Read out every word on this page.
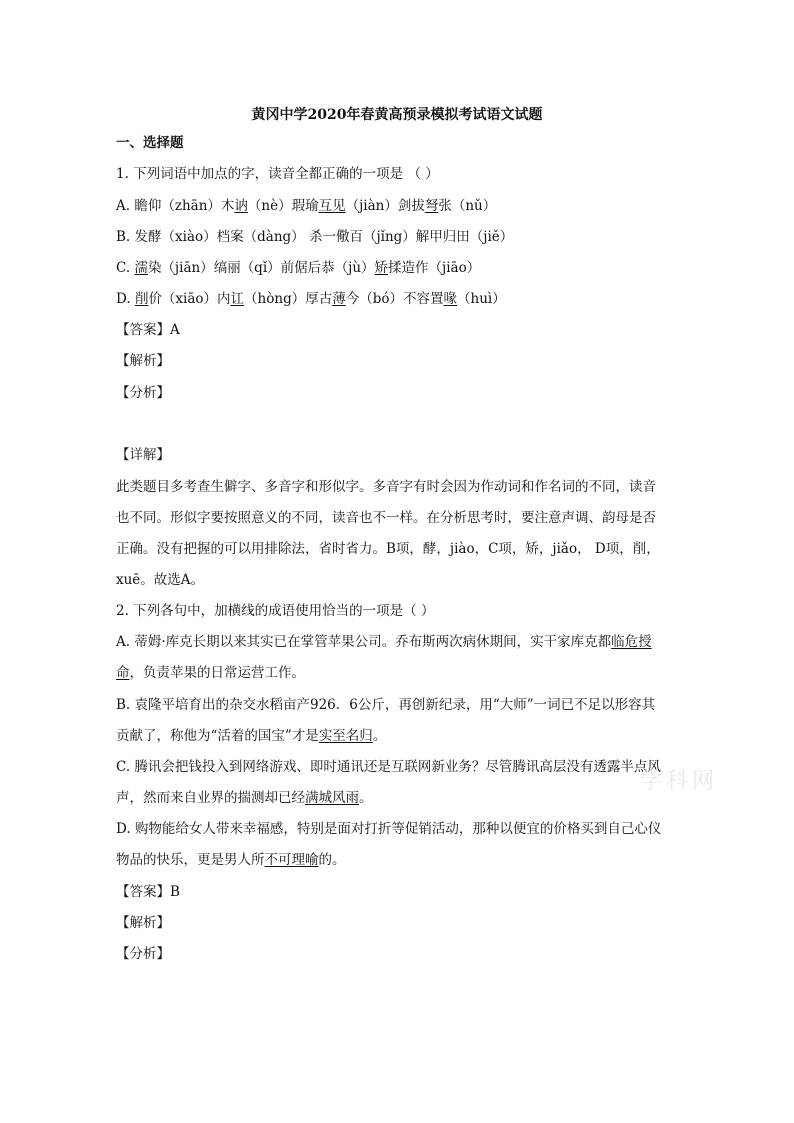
黄冈中学2020年春黄高预录模拟考试语文试题
一、选择题
1. 下列词语中加点的字，读音全都正确的一项是 （ ）
A. 瞻仰（zhān）木讷（nè）瑕瑜互见（jiàn）剑拔弩张（nǔ）
B. 发酵（xiào）档案（dàng） 杀一儆百（jǐng）解甲归田（jiě）
C. 濡染（jiān）缟丽（qǐ）前倨后恭（jù）矫揉造作（jiāo）
D. 削价（xiāo）内讧（hòng）厚古薄今（bó）不容置喙（huì）
【答案】A
【解析】
【分析】
【详解】
此类题目多考查生僻字、多音字和形似字。多音字有时会因为作动词和作名词的不同，读音
也不同。形似字要按照意义的不同，读音也不一样。在分析思考时，要注意声调、韵母是否
正确。没有把握的可以用排除法，省时省力。B项，酵，jiào，C项，矫，jiǎo， D项，削，
xuē。故选A。
2. 下列各句中，加横线的成语使用恰当的一项是（ ）
A. 蒂姆·库克长期以来其实已在掌管苹果公司。乔布斯两次病休期间，实干家库克都临危授
命，负责苹果的日常运营工作。
B. 袁隆平培育出的杂交水稻亩产926．6公斤，再创新纪录，用“大师”一词已不足以形容其
贡献了，称他为“活着的国宝”才是实至名归。
C. 腾讯会把钱投入到网络游戏、即时通讯还是互联网新业务？尽管腾讯高层没有透露半点风
声，然而来自业界的揣测却已经满城风雨。
D. 购物能给女人带来幸福感，特别是面对打折等促销活动，那种以便宜的价格买到自己心仪
物品的快乐，更是男人所不可理喻的。
【答案】B
【解析】
【分析】
学科网
